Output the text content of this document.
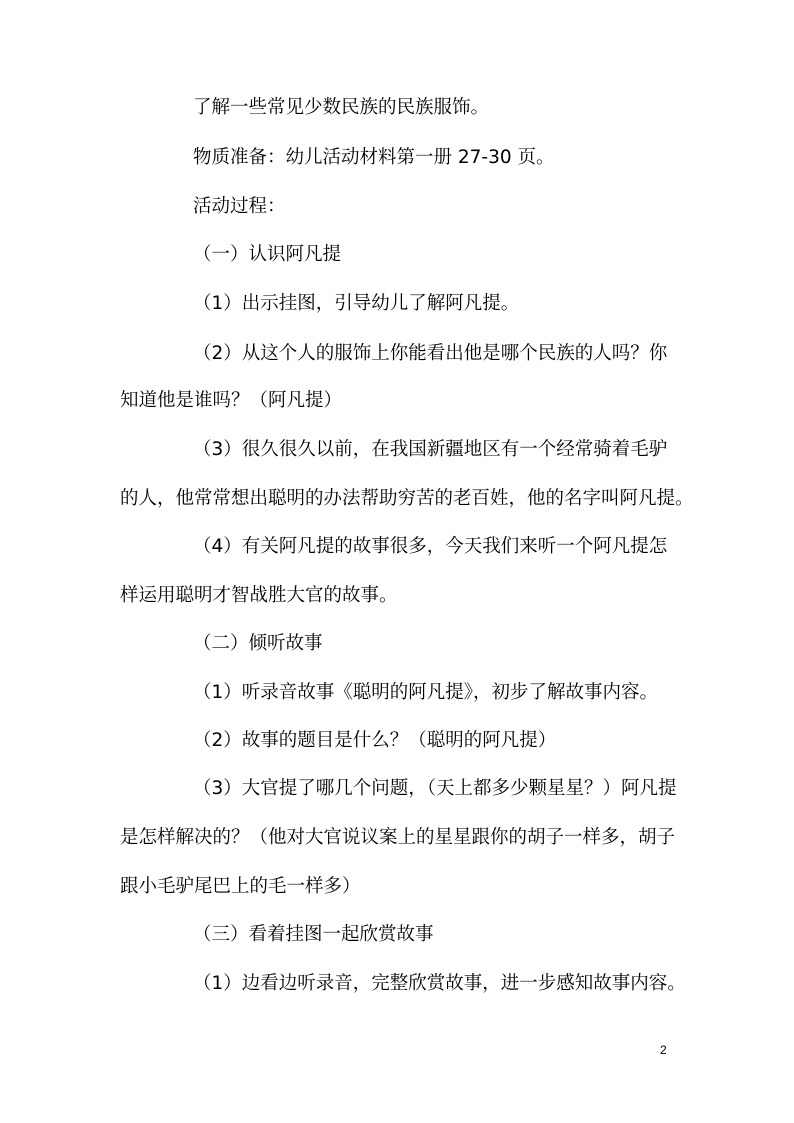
了解一些常见少数民族的民族服饰。
物质准备：幼儿活动材料第一册 27-30 页。
活动过程：
（一）认识阿凡提
（1）出示挂图，引导幼儿了解阿凡提。
（2）从这个人的服饰上你能看出他是哪个民族的人吗？你
知道他是谁吗？（阿凡提）
（3）很久很久以前，在我国新疆地区有一个经常骑着毛驴
的人，他常常想出聪明的办法帮助穷苦的老百姓，他的名字叫阿凡提。
（4）有关阿凡提的故事很多，今天我们来听一个阿凡提怎
样运用聪明才智战胜大官的故事。
（二）倾听故事
（1）听录音故事《聪明的阿凡提》，初步了解故事内容。
（2）故事的题目是什么？（聪明的阿凡提）
（3）大官提了哪几个问题，（天上都多少颗星星？）阿凡提
是怎样解决的？（他对大官说议案上的星星跟你的胡子一样多，胡子
跟小毛驴尾巴上的毛一样多）
（三）看着挂图一起欣赏故事
（1）边看边听录音，完整欣赏故事，进一步感知故事内容。
2
